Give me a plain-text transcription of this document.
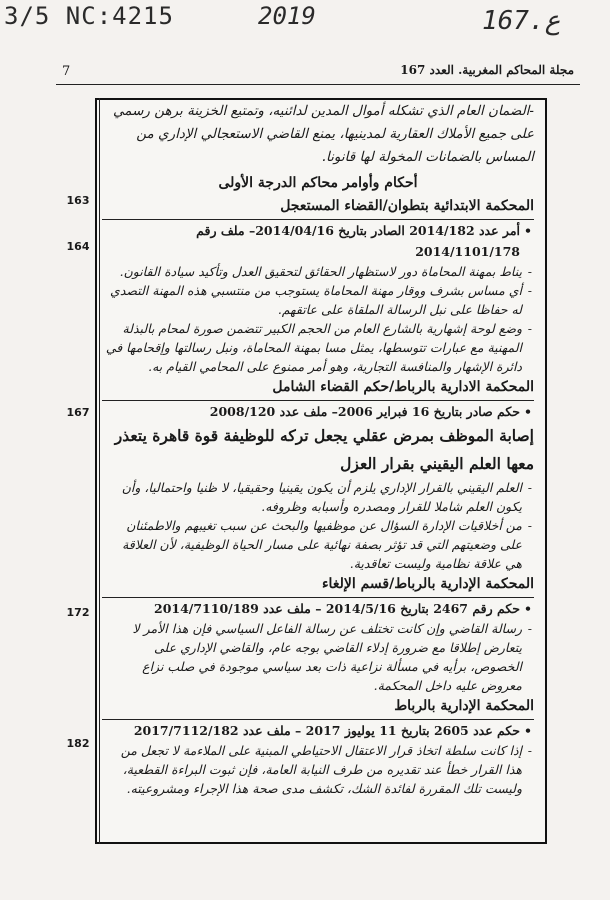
3/5 NC:4215	2019	167.ع
7	مجلة المحاكم المغربية. العدد 167
163
164
167
172
182

-الضمان العام الذي تشكله أموال المدين لدائنيه، وتمتيع الخزينة برهن رسمي على جميع الأملاك العقارية لمدينيها، يمنع القاضي الاستعجالي الإداري من المساس بالضمانات المخولة لها قانونا.

أحكام وأوامر محاكم الدرجة الأولى
المحكمة الابتدائية بتطوان/القضاء المستعجل
• أمر عدد 2014/182 الصادر بتاريخ 2014/04/16– ملف رقم 2014/1101/178

- يناط بمهنة المحاماة دور لاستظهار الحقائق لتحقيق العدل وتأكيد سيادة القانون.

- أي مساس بشرف ووقار مهنة المحاماة يستوجب من منتسبي هذه المهنة التصدي له حفاظا على نبل الرسالة الملقاة على عاتقهم.

- وضع لوحة إشهارية بالشارع العام من الحجم الكبير تتضمن صورة لمحام بالبذلة المهنية مع عبارات تتوسطها، يمثل مسا بمهنة المحاماة، ونبل رسالتها وإقحامها في دائرة الإشهار والمنافسة التجارية، وهو أمر ممنوع على المحامي القيام به.

المحكمة الادارية بالرباط/حكم القضاء الشامل
• حكم صادر بتاريخ 16 فبراير 2006– ملف عدد 2008/120
إصابة الموظف بمرض عقلي يجعل تركه للوظيفة قوة قاهرة يتعذر معها العلم اليقيني بقرار العزل

- العلم اليقيني بالقرار الإداري يلزم أن يكون يقينيا وحقيقيا، لا ظنيا واحتماليا، وأن يكون العلم شاملا للقرار ومصدره وأسبابه وظروفه.

- من أخلاقيات الإدارة السؤال عن موظفيها والبحث عن سبب تغيبهم والاطمئنان على وضعيتهم التي قد تؤثر بصفة نهائية على مسار الحياة الوظيفية، لأن العلاقة هي علاقة نظامية وليست تعاقدية.

المحكمة الإدارية بالرباط/قسم الإلغاء
• حكم رقم 2467 بتاريخ 2014/5/16 – ملف عدد 2014/7110/189

- رسالة القاضي وإن كانت تختلف عن رسالة الفاعل السياسي فإن هذا الأمر لا يتعارض إطلاقا مع ضرورة إدلاء القاضي بوجه عام، والقاضي الإداري على الخصوص، برأيه في مسألة نزاعية ذات بعد سياسي موجودة في صلب نزاع معروض عليه داخل المحكمة.

المحكمة الإدارية بالرباط
• حكم عدد 2605 بتاريخ 11 يوليوز 2017 – ملف عدد 2017/7112/182

- إذا كانت سلطة اتخاذ قرار الاعتقال الاحتياطي المبنية على الملاءمة لا تجعل من هذا القرار خطأ عند تقديره من طرف النيابة العامة، فإن ثبوت البراءة القطعية، وليست تلك المقررة لفائدة الشك، تكشف مدى صحة هذا الإجراء ومشروعيته.
